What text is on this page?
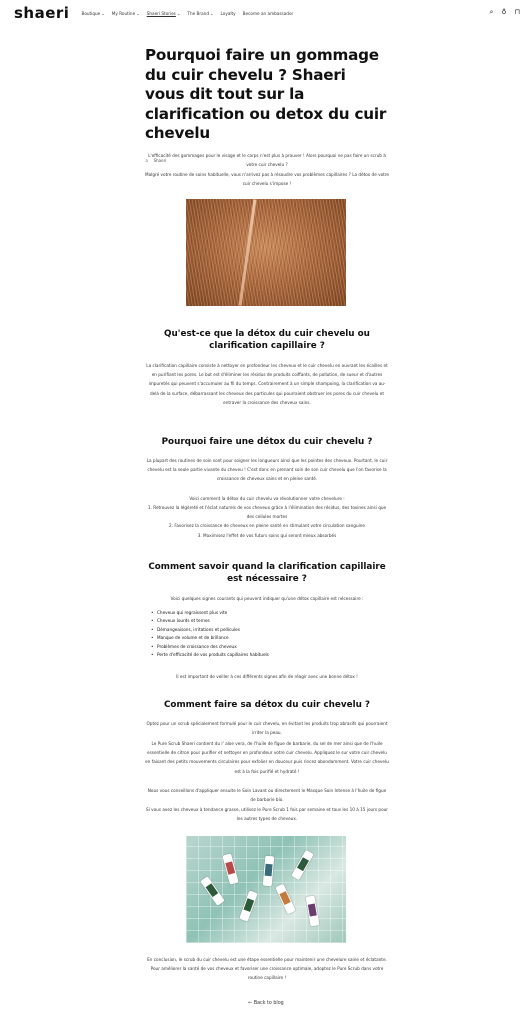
shaeri	Boutique⌄ My Routine⌄ Shaeri Stories⌄ The Brand⌄ Loyalty Become an ambassador	⌕ ♁ ⊓
Pourquoi faire un gommage du cuir chevelu ? Shaeri vous dit tout sur la clarification ou detox du cuir chevelu
♙ Shaeri
L'efficacité des gommages pour le visage et le corps n'est plus à prouver ! Alors pourquoi ne pas faire un scrub à votre cuir chevelu ?
Malgré votre routine de soins habituelle, vous n'arrivez pas à résoudre vos problèmes capillaires ? La détox de votre cuir chevelu s'impose !
Qu'est-ce que la détox du cuir chevelu ou clarification capillaire ?
La clarification capillaire consiste à nettoyer en profondeur les cheveux et le cuir chevelu en ouvrant les écailles et en purifiant les pores. Le but est d'éliminer les résidus de produits coiffants, de pollution, de sueur et d'autres impuretés qui peuvent s'accumuler au fil du temps. Contrairement à un simple shampoing, la clarification va au-delà de la surface, débarrassant les cheveux des particules qui pourraient obstruer les pores du cuir chevelu et entraver la croissance des cheveux sains.
Pourquoi faire une détox du cuir chevelu ?
La plupart des routines de soin sont pour soigner les longueurs ainsi que les pointes des cheveux. Pourtant, le cuir chevelu est la seule partie vivante du cheveu ! C'est donc en prenant soin de son cuir chevelu que l'on favorise la croissance de cheveux sains et en pleine santé.
Voici comment la détox du cuir chevelu va révolutionner votre chevelure :
1. Retrouvez la légèreté et l'éclat naturels de vos cheveux grâce à l'élimination des résidus, des toxines ainsi que des cellules mortes
2. Favorisez la croissance de cheveux en pleine santé en stimulant votre circulation sanguine
3. Maximisez l'effet de vos futurs soins qui seront mieux absorbés
Comment savoir quand la clarification capillaire est nécessaire ?
Voici quelques signes courants qui peuvent indiquer qu'une détox capillaire est nécessaire :
• Cheveux qui regraissent plus vite
• Cheveux lourds et ternes
• Démangeaisons, irritations et pellicules
• Manque de volume et de brillance
• Problèmes de croissance des cheveux
• Perte d'efficacité de vos produits capillaires habituels
Il est important de veiller à ces différents signes afin de réagir avec une bonne détox !
Comment faire sa détox du cuir chevelu ?
Optez pour un scrub spécialement formulé pour le cuir chevelu, en évitant les produits trop abrasifs qui pourraient irriter la peau.
Le Pure Scrub Shaeri contient du l' aloe vera, de l'huile de figue de barbarie, du sel de mer ainsi que de l'huile essentielle de citron pour purifier et nettoyer en profondeur votre cuir chevelu. Appliquez le sur votre cuir chevelu en faisant des petits mouvements circulaires pour exfolier en douceur puis rincez abondamment. Votre cuir chevelu est à la fois purifié et hydraté !
Nous vous conseillons d'appliquer ensuite le Soin Lavant ou directement le Masque Soin Intense à l'huile de figue de barbarie bio.
Si vous avez les cheveux à tendance grasse, utilisez le Pure Scrub 1 fois par semaine et tous les 10 à 15 jours pour les autres types de cheveux.
En conclusion, le scrub du cuir chevelu est une étape essentielle pour maintenir une chevelure saine et éclatante. Pour améliorer la santé de vos cheveux et favoriser une croissance optimale, adoptez le Pure Scrub dans votre routine capillaire !
← Back to blog
